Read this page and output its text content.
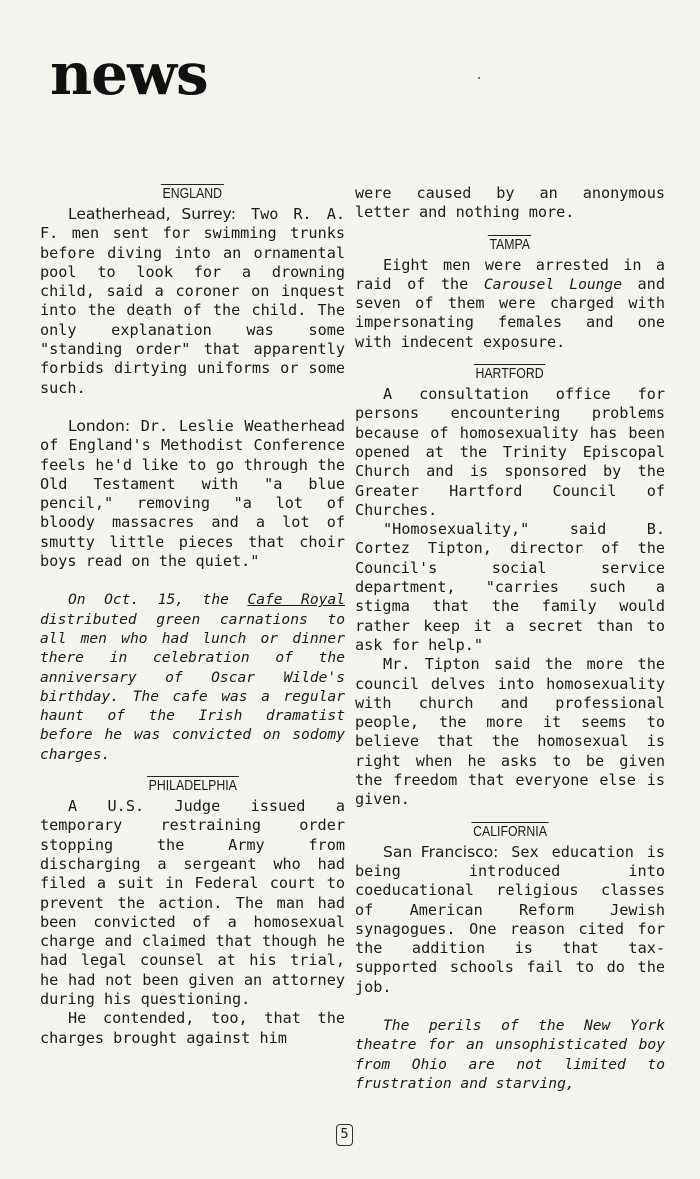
news
ENGLAND

Leatherhead, Surrey: Two R. A. F. men sent for swimming trunks before diving into an ornamental pool to look for a drowning child, said a coroner on inquest into the death of the child. The only explanation was some "standing order" that apparently forbids dirtying uniforms or some such.

London: Dr. Leslie Weatherhead of England's Methodist Conference feels he'd like to go through the Old Testament with "a blue pencil," removing "a lot of bloody massacres and a lot of smutty little pieces that choir boys read on the quiet."

On Oct. 15, the Cafe Royal distributed green carnations to all men who had lunch or dinner there in celebration of the anniversary of Oscar Wilde's birthday. The cafe was a regular haunt of the Irish dramatist before he was convicted on sodomy charges.

PHILADELPHIA

A U.S. Judge issued a temporary restraining order stopping the Army from discharging a sergeant who had filed a suit in Federal court to prevent the action. The man had been convicted of a homosexual charge and claimed that though he had legal counsel at his trial, he had not been given an attorney during his questioning.

He contended, too, that the charges brought against him

were caused by an anonymous letter and nothing more.

TAMPA

Eight men were arrested in a raid of the Carousel Lounge and seven of them were charged with impersonating females and one with indecent exposure.

HARTFORD

A consultation office for persons encountering problems because of homosexuality has been opened at the Trinity Episcopal Church and is sponsored by the Greater Hartford Council of Churches.

"Homosexuality," said B. Cortez Tipton, director of the Council's social service department, "carries such a stigma that the family would rather keep it a secret than to ask for help."

Mr. Tipton said the more the council delves into homosexuality with church and professional people, the more it seems to believe that the homosexual is right when he asks to be given the freedom that everyone else is given.

CALIFORNIA

San Francisco: Sex education is being introduced into coeducational religious classes of American Reform Jewish synagogues. One reason cited for the addition is that tax-supported schools fail to do the job.

The perils of the New York theatre for an unsophisticated boy from Ohio are not limited to frustration and starving,

5
